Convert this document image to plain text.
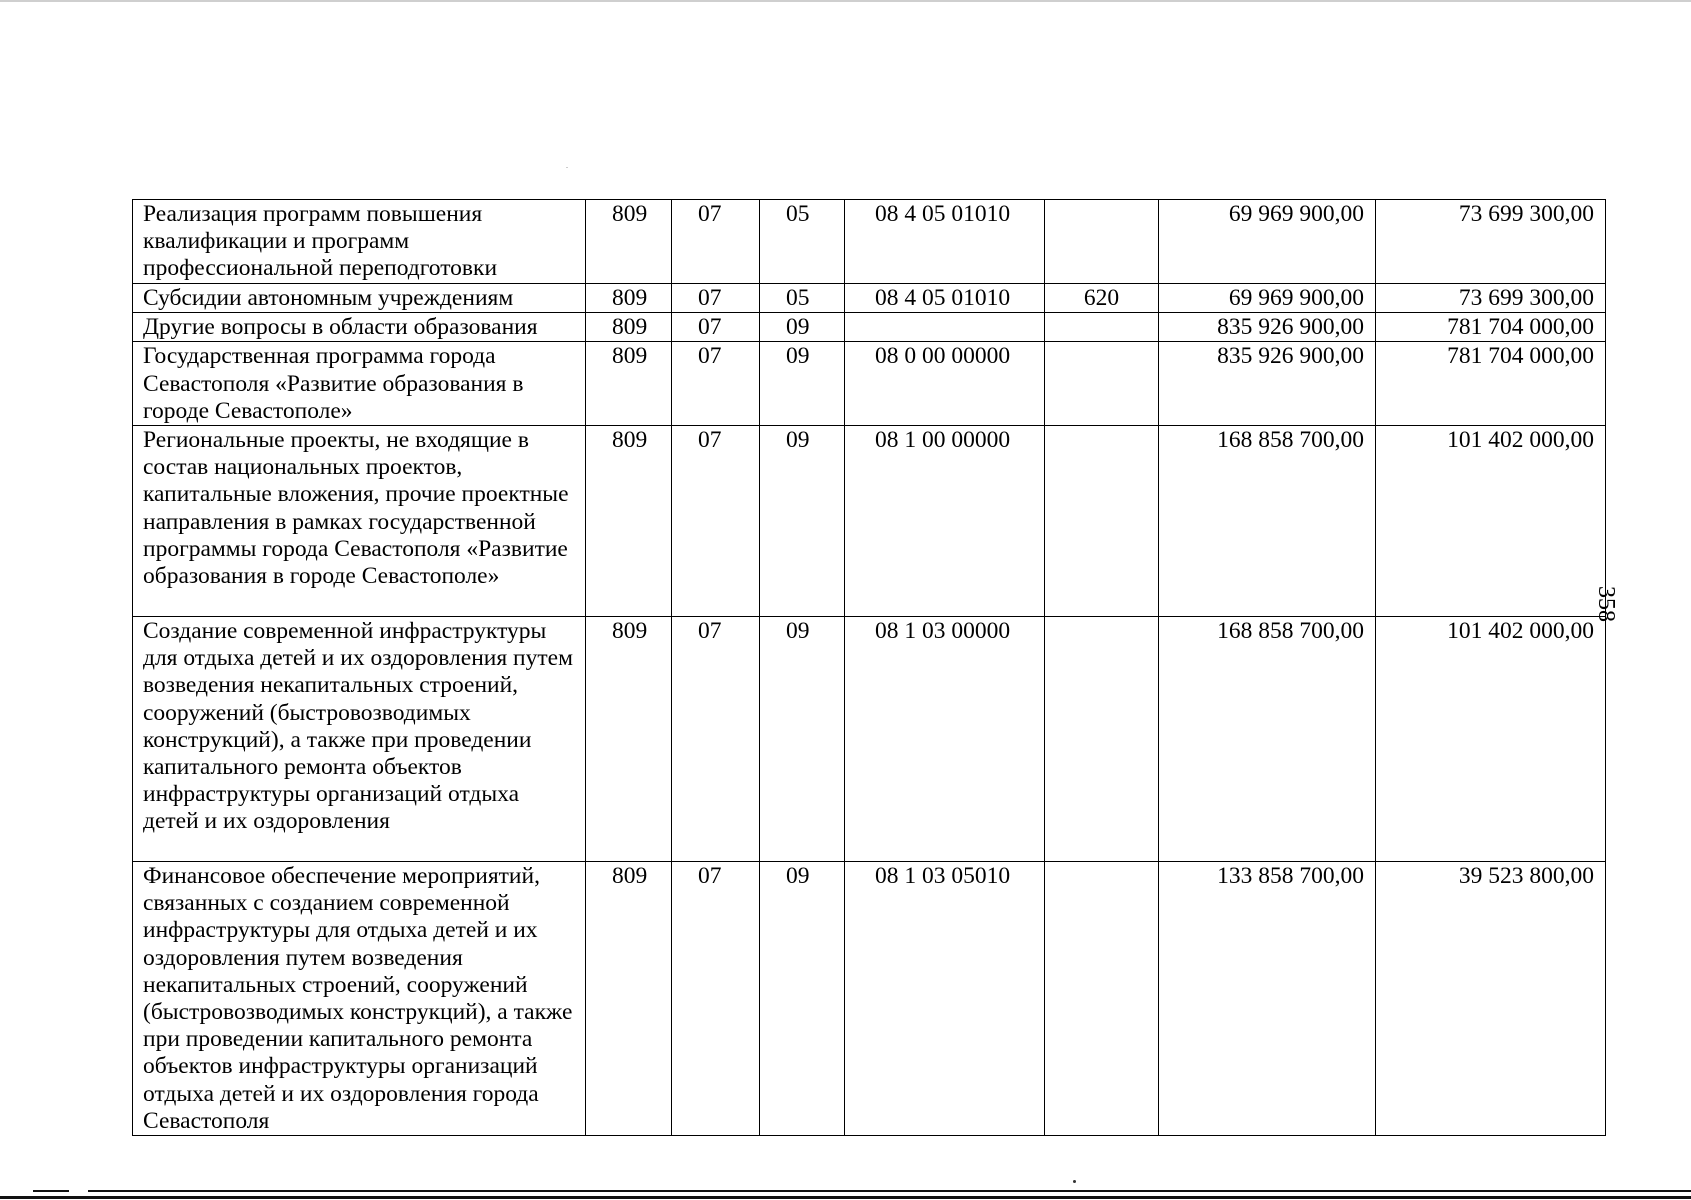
358
Реализация программ повышения квалификации и программ профессиональной переподготовки	809	07	05	08 4 05 01010		69 969 900,00	73 699 300,00
Субсидии автономным учреждениям	809	07	05	08 4 05 01010	620	69 969 900,00	73 699 300,00
Другие вопросы в области образования	809	07	09			835 926 900,00	781 704 000,00
Государственная программа города Севастополя «Развитие образования в городе Севастополе»	809	07	09	08 0 00 00000		835 926 900,00	781 704 000,00
Региональные проекты, не входящие в состав национальных проектов, капитальные вложения, прочие проектные направления в рамках государственной программы города Севастополя «Развитие образования в городе Севастополе»	809	07	09	08 1 00 00000		168 858 700,00	101 402 000,00
Создание современной инфраструктуры для отдыха детей и их оздоровления путем возведения некапитальных строений, сооружений (быстровозводимых конструкций), а также при проведении капитального ремонта объектов инфраструктуры организаций отдыха детей и их оздоровления	809	07	09	08 1 03 00000		168 858 700,00	101 402 000,00
Финансовое обеспечение мероприятий, связанных с созданием современной инфраструктуры для отдыха детей и их оздоровления путем возведения некапитальных строений, сооружений (быстровозводимых конструкций), а также при проведении капитального ремонта объектов инфраструктуры организаций отдыха детей и их оздоровления города Севастополя	809	07	09	08 1 03 05010		133 858 700,00	39 523 800,00
